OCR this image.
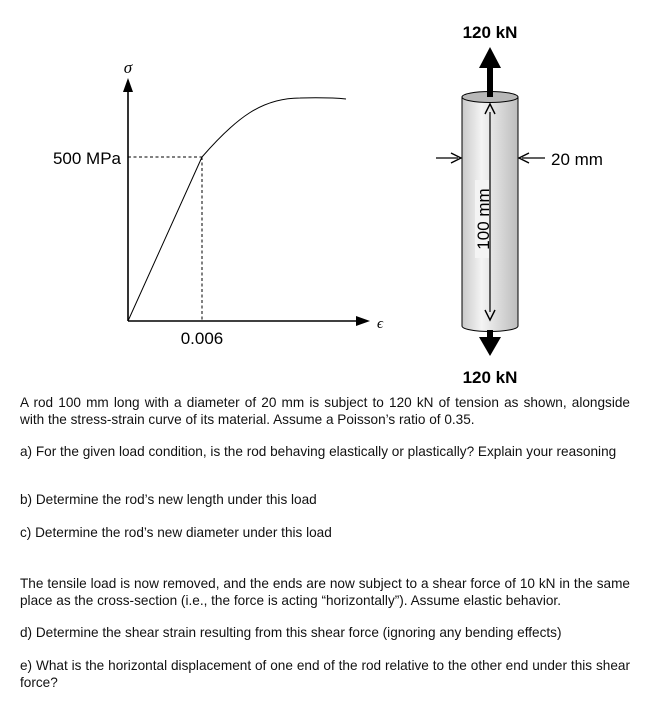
σ
ϵ
500 MPa
0.006
100 mm
20 mm
120 kN
120 kN

A rod 100 mm long with a diameter of 20 mm is subject to 120 kN of tension as shown, alongside with the stress-strain curve of its material. Assume a Poisson’s ratio of 0.35.

a) For the given load condition, is the rod behaving elastically or plastically? Explain your reasoning

b) Determine the rod’s new length under this load

c) Determine the rod’s new diameter under this load

The tensile load is now removed, and the ends are now subject to a shear force of 10 kN in the same place as the cross-section (i.e., the force is acting “horizontally”). Assume elastic behavior.

d) Determine the shear strain resulting from this shear force (ignoring any bending effects)

e) What is the horizontal displacement of one end of the rod relative to the other end under this shear force?
